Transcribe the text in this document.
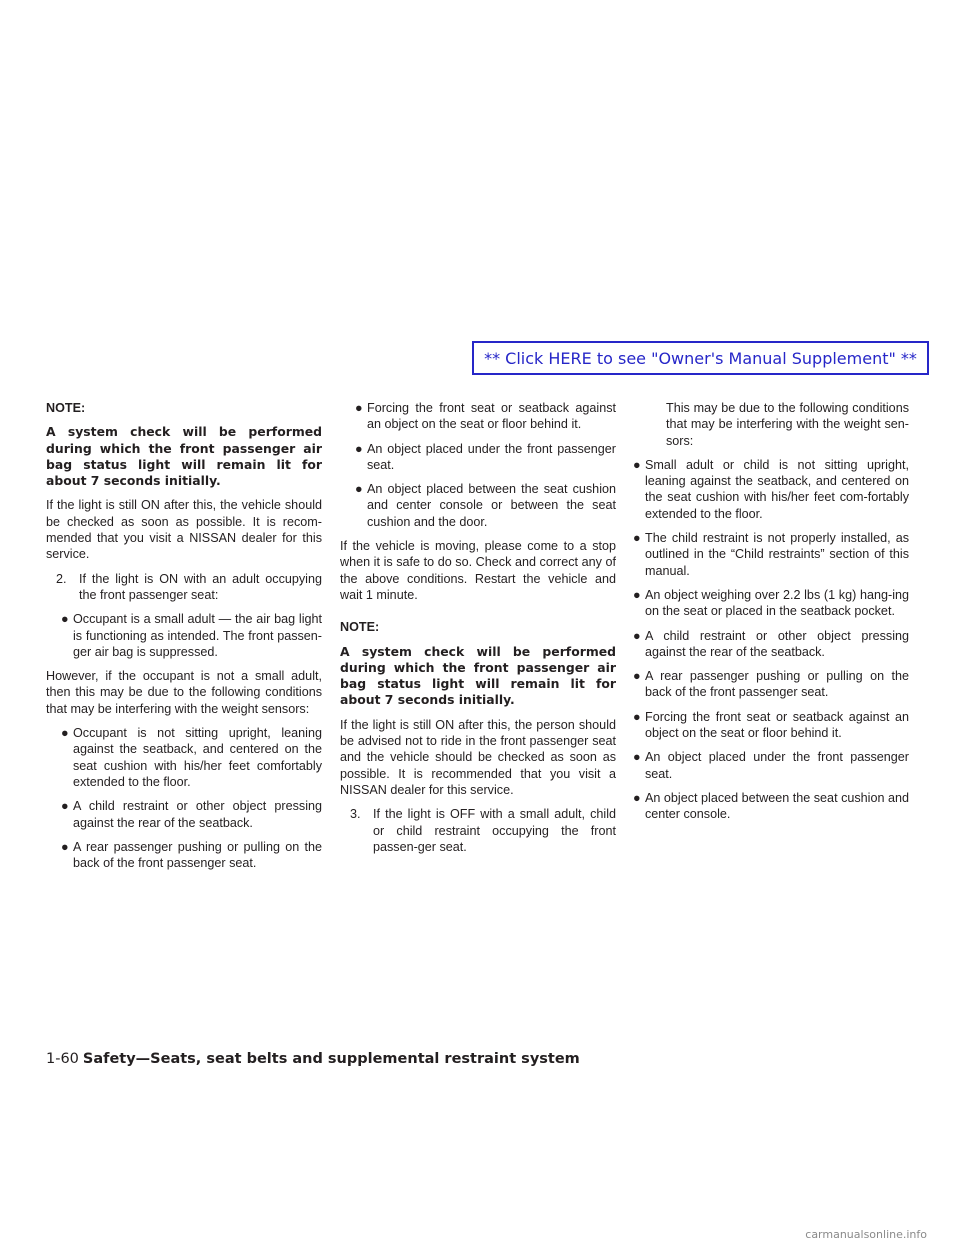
** Click HERE to see "Owner's Manual Supplement" **

NOTE:

A system check will be performed during which the front passenger air bag status light will remain lit for about 7 seconds initially.

If the light is still ON after this, the vehicle should be checked as soon as possible. It is recom-mended that you visit a NISSAN dealer for this service.

2. If the light is ON with an adult occupying the front passenger seat:
● Occupant is a small adult — the air bag light is functioning as intended. The front passen-ger air bag is suppressed.

However, if the occupant is not a small adult, then this may be due to the following conditions that may be interfering with the weight sensors:

● Occupant is not sitting upright, leaning against the seatback, and centered on the seat cushion with his/her feet comfortably extended to the floor.
● A child restraint or other object pressing against the rear of the seatback.
● A rear passenger pushing or pulling on the back of the front passenger seat.
● Forcing the front seat or seatback against an object on the seat or floor behind it.
● An object placed under the front passenger seat.
● An object placed between the seat cushion and center console or between the seat cushion and the door.

If the vehicle is moving, please come to a stop when it is safe to do so. Check and correct any of the above conditions. Restart the vehicle and wait 1 minute.

NOTE:

A system check will be performed during which the front passenger air bag status light will remain lit for about 7 seconds initially.

If the light is still ON after this, the person should be advised not to ride in the front passenger seat and the vehicle should be checked as soon as possible. It is recommended that you visit a NISSAN dealer for this service.

3. If the light is OFF with a small adult, child or child restraint occupying the front passen-ger seat.

This may be due to the following conditions that may be interfering with the weight sen-sors:

● Small adult or child is not sitting upright, leaning against the seatback, and centered on the seat cushion with his/her feet com-fortably extended to the floor.
● The child restraint is not properly installed, as outlined in the “Child restraints” section of this manual.
● An object weighing over 2.2 lbs (1 kg) hang-ing on the seat or placed in the seatback pocket.
● A child restraint or other object pressing against the rear of the seatback.
● A rear passenger pushing or pulling on the back of the front passenger seat.
● Forcing the front seat or seatback against an object on the seat or floor behind it.
● An object placed under the front passenger seat.
● An object placed between the seat cushion and center console.
1-60 Safety—Seats, seat belts and supplemental restraint system
carmanualsonline.info
